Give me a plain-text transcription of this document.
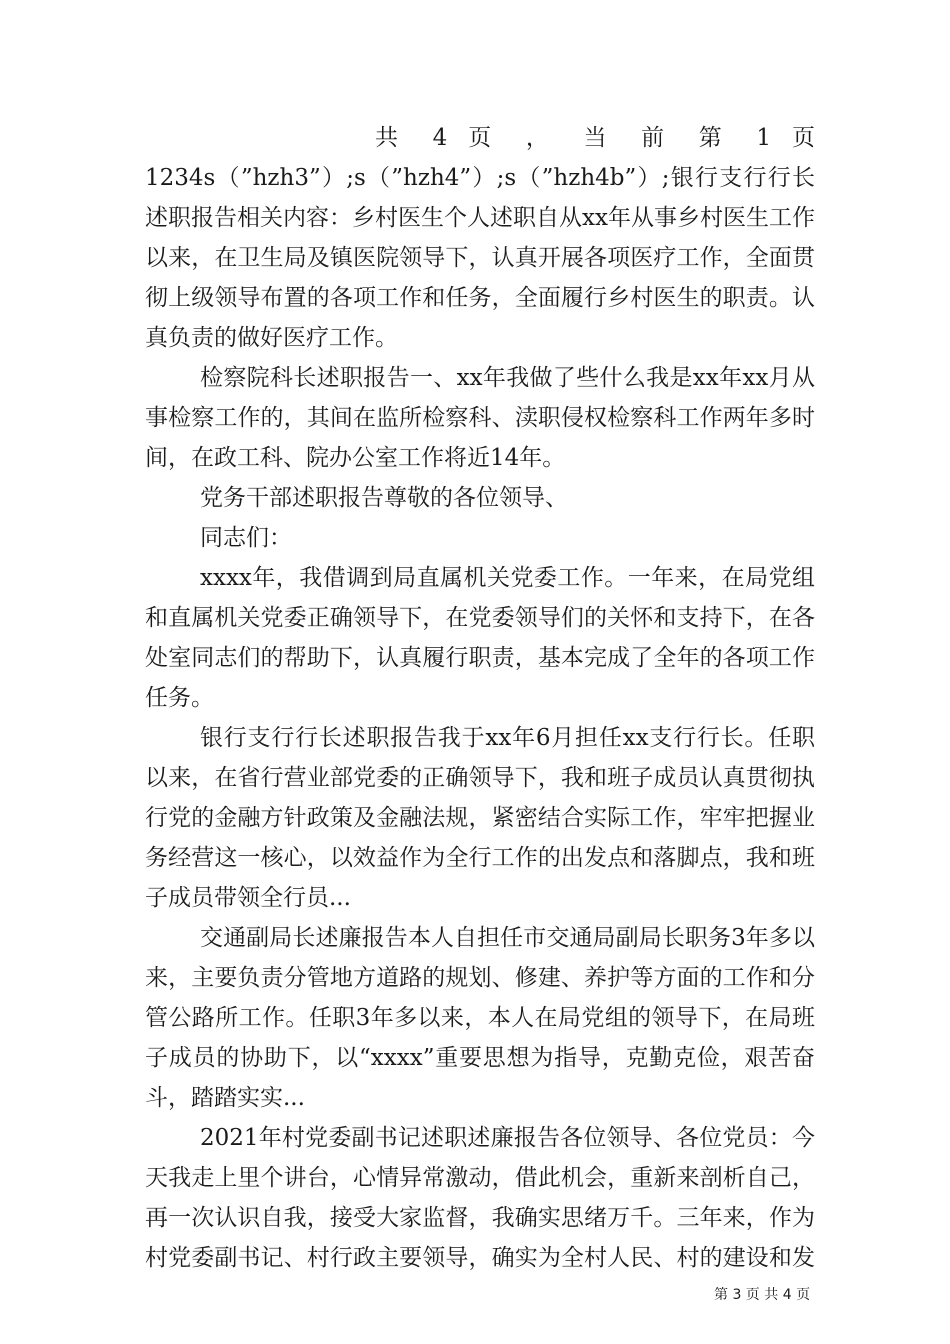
共 4 页 ， 当 前 第 1 页
1234s（”hzh3”）;s（”hzh4”）;s（”hzh4b”）;银行支行行长
述职报告相关内容：乡村医生个人述职自从xx年从事乡村医生工作
以来，在卫生局及镇医院领导下，认真开展各项医疗工作，全面贯
彻上级领导布置的各项工作和任务，全面履行乡村医生的职责。认
真负责的做好医疗工作。
检察院科长述职报告一、xx年我做了些什么我是xx年xx月从
事检察工作的，其间在监所检察科、渎职侵权检察科工作两年多时
间，在政工科、院办公室工作将近14年。
党务干部述职报告尊敬的各位领导、
同志们：
xxxx年，我借调到局直属机关党委工作。一年来，在局党组
和直属机关党委正确领导下，在党委领导们的关怀和支持下，在各
处室同志们的帮助下，认真履行职责，基本完成了全年的各项工作
任务。
银行支行行长述职报告我于xx年6月担任xx支行行长。任职
以来，在省行营业部党委的正确领导下，我和班子成员认真贯彻执
行党的金融方针政策及金融法规，紧密结合实际工作，牢牢把握业
务经营这一核心，以效益作为全行工作的出发点和落脚点，我和班
子成员带领全行员...
交通副局长述廉报告本人自担任市交通局副局长职务3年多以
来，主要负责分管地方道路的规划、修建、养护等方面的工作和分
管公路所工作。任职3年多以来，本人在局党组的领导下，在局班
子成员的协助下，以“xxxx”重要思想为指导，克勤克俭，艰苦奋
斗，踏踏实实...
2021年村党委副书记述职述廉报告各位领导、各位党员：今
天我走上里个讲台，心情异常激动，借此机会，重新来剖析自己，
再一次认识自我，接受大家监督，我确实思绪万千。三年来，作为
村党委副书记、村行政主要领导，确实为全村人民、村的建设和发
第 3 页 共 4 页
